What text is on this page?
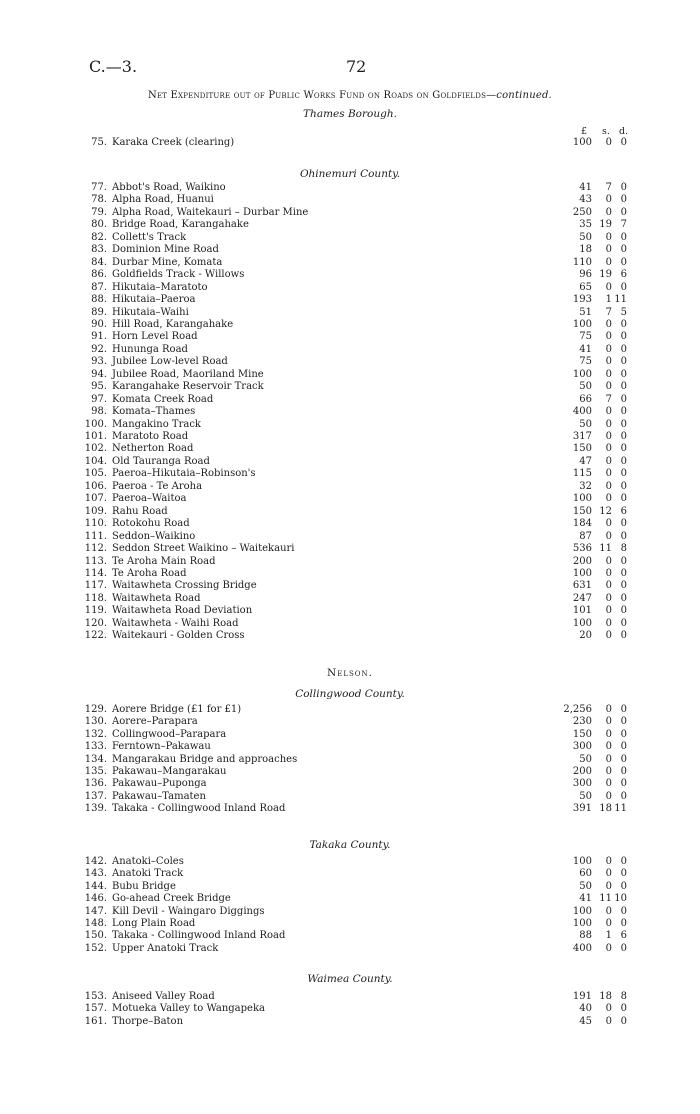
C.—3.	72
Net Expenditure out of Public Works Fund on Roads on Goldfields—continued.
£ s. d.
Thames Borough.
75. Karaka Creek (clearing)	100 0 0
Ohinemuri County.
77. Abbot's Road, Waikino	41 7 0
78. Alpha Road, Huanui	43 0 0
79. Alpha Road, Waitekauri – Durbar Mine	250 0 0
80. Bridge Road, Karangahake	35 19 7
82. Collett's Track	50 0 0
83. Dominion Mine Road	18 0 0
84. Durbar Mine, Komata	110 0 0
86. Goldfields Track - Willows	96 19 6
87. Hikutaia–Maratoto	65 0 0
88. Hikutaia–Paeroa	193 1 11
89. Hikutaia–Waihi	51 7 5
90. Hill Road, Karangahake	100 0 0
91. Horn Level Road	75 0 0
92. Hununga Road	41 0 0
93. Jubilee Low-level Road	75 0 0
94. Jubilee Road, Maoriland Mine	100 0 0
95. Karangahake Reservoir Track	50 0 0
97. Komata Creek Road	66 7 0
98. Komata–Thames	400 0 0
100. Mangakino Track	50 0 0
101. Maratoto Road	317 0 0
102. Netherton Road	150 0 0
104. Old Tauranga Road	47 0 0
105. Paeroa–Hikutaia–Robinson's	115 0 0
106. Paeroa - Te Aroha	32 0 0
107. Paeroa–Waitoa	100 0 0
109. Rahu Road	150 12 6
110. Rotokohu Road	184 0 0
111. Seddon–Waikino	87 0 0
112. Seddon Street Waikino – Waitekauri	536 11 8
113. Te Aroha Main Road	200 0 0
114. Te Aroha Road	100 0 0
117. Waitawheta Crossing Bridge	631 0 0
118. Waitawheta Road	247 0 0
119. Waitawheta Road Deviation	101 0 0
120. Waitawheta - Waihi Road	100 0 0
122. Waitekauri - Golden Cross	20 0 0
Nelson.
Collingwood County.
129. Aorere Bridge (£1 for £1)	2,256 0 0
130. Aorere–Parapara	230 0 0
132. Collingwood–Parapara	150 0 0
133. Ferntown–Pakawau	300 0 0
134. Mangarakau Bridge and approaches	50 0 0
135. Pakawau–Mangarakau	200 0 0
136. Pakawau–Puponga	300 0 0
137. Pakawau–Tamaten	50 0 0
139. Takaka - Collingwood Inland Road	391 18 11
Takaka County.
142. Anatoki–Coles	100 0 0
143. Anatoki Track	60 0 0
144. Bubu Bridge	50 0 0
146. Go-ahead Creek Bridge	41 11 10
147. Kill Devil - Waingaro Diggings	100 0 0
148. Long Plain Road	100 0 0
150. Takaka - Collingwood Inland Road	88 1 6
152. Upper Anatoki Track	400 0 0
Waimea County.
153. Aniseed Valley Road	191 18 8
157. Motueka Valley to Wangapeka	40 0 0
161. Thorpe–Baton	45 0 0
